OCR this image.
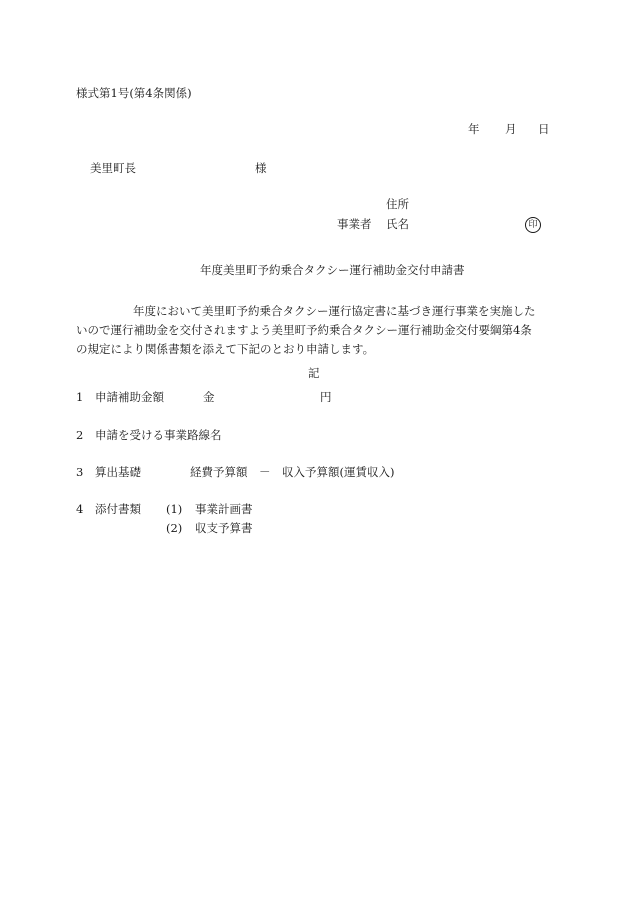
様式第1号(第4条関係)
年 月 日
美里町長	様
住所
事業者 氏名	印
年度美里町予約乗合タクシー運行補助金交付申請書
年度において美里町予約乗合タクシー運行協定書に基づき運行事業を実施した
いので運行補助金を交付されますよう美里町予約乗合タクシー運行補助金交付要綱第4条
の規定により関係書類を添えて下記のとおり申請します。
記
1 申請補助金額	金	円
2 申請を受ける事業路線名
3 算出基礎	経費予算額　－　収入予算額(運賃収入)
4 添付書類 (1) 事業計画書
(2) 収支予算書
